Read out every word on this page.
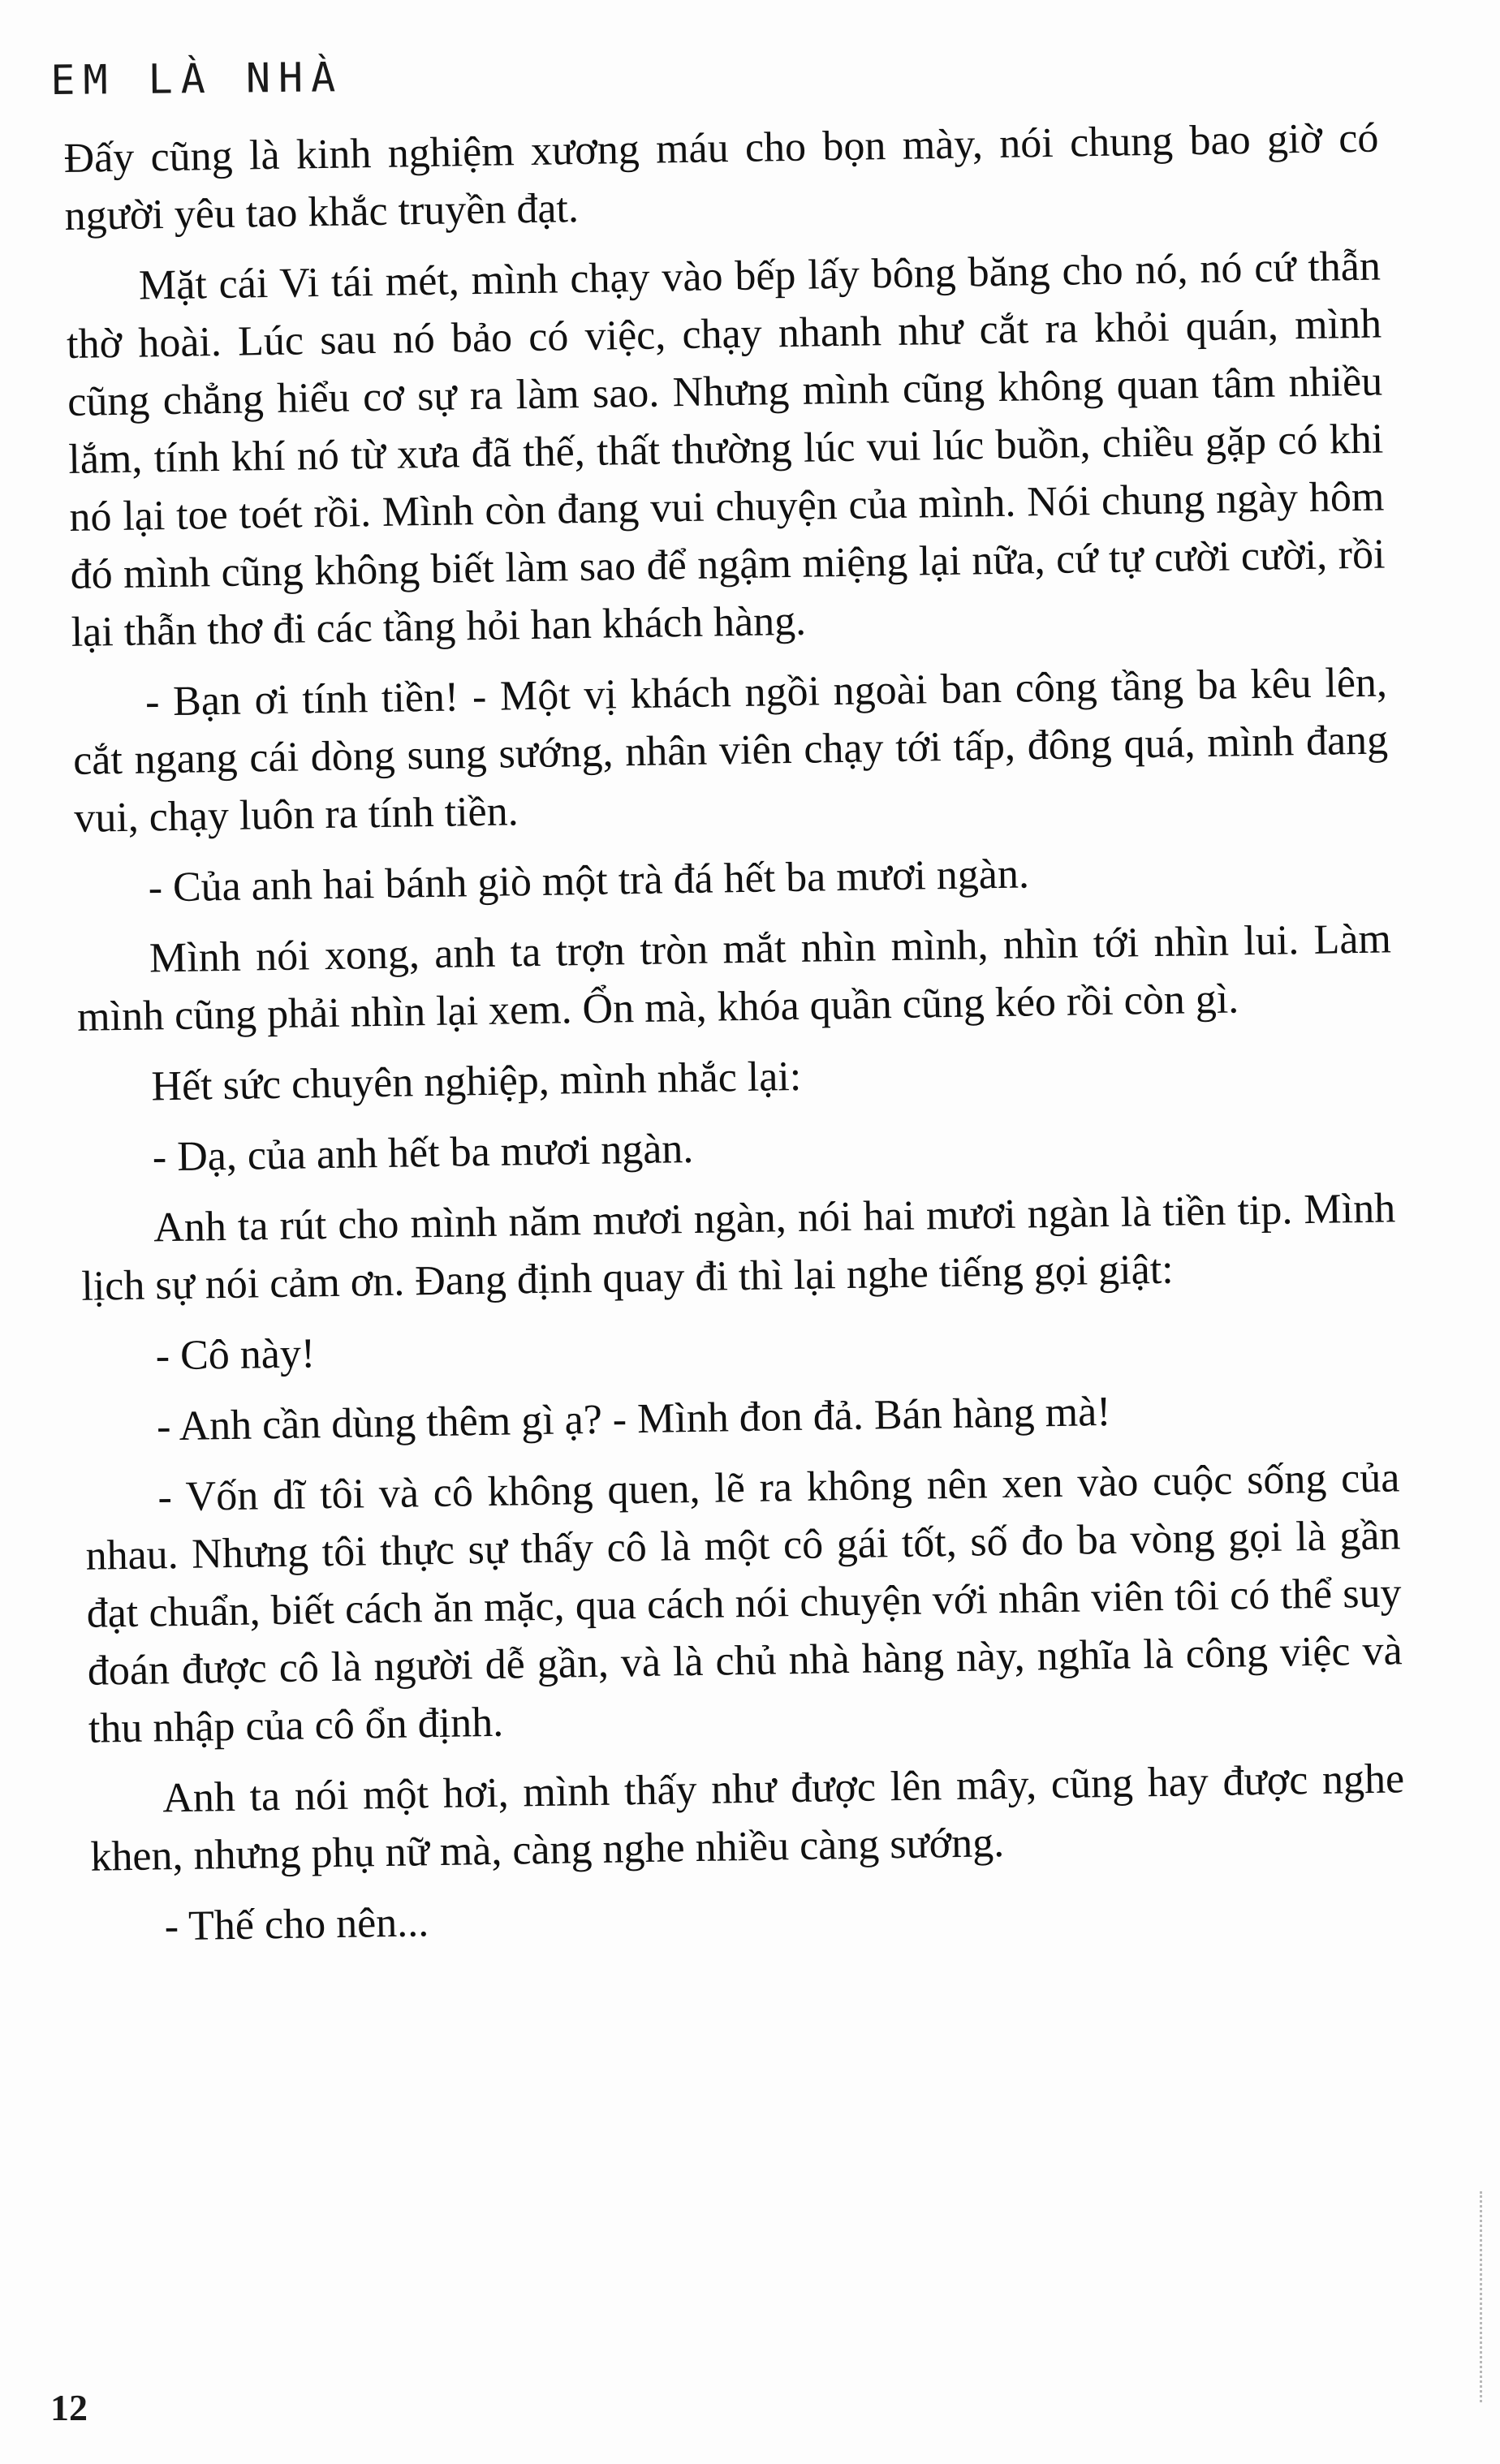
EM LÀ NHÀ

Đấy cũng là kinh nghiệm xương máu cho bọn mày, nói chung bao giờ có người yêu tao khắc truyền đạt.

Mặt cái Vi tái mét, mình chạy vào bếp lấy bông băng cho nó, nó cứ thẫn thờ hoài. Lúc sau nó bảo có việc, chạy nhanh như cắt ra khỏi quán, mình cũng chẳng hiểu cơ sự ra làm sao. Nhưng mình cũng không quan tâm nhiều lắm, tính khí nó từ xưa đã thế, thất thường lúc vui lúc buồn, chiều gặp có khi nó lại toe toét rồi. Mình còn đang vui chuyện của mình. Nói chung ngày hôm đó mình cũng không biết làm sao để ngậm miệng lại nữa, cứ tự cười cười, rồi lại thẫn thơ đi các tầng hỏi han khách hàng.

- Bạn ơi tính tiền! - Một vị khách ngồi ngoài ban công tầng ba kêu lên, cắt ngang cái dòng sung sướng, nhân viên chạy tới tấp, đông quá, mình đang vui, chạy luôn ra tính tiền.

- Của anh hai bánh giò một trà đá hết ba mươi ngàn.

Mình nói xong, anh ta trợn tròn mắt nhìn mình, nhìn tới nhìn lui. Làm mình cũng phải nhìn lại xem. Ổn mà, khóa quần cũng kéo rồi còn gì.

Hết sức chuyên nghiệp, mình nhắc lại:

- Dạ, của anh hết ba mươi ngàn.

Anh ta rút cho mình năm mươi ngàn, nói hai mươi ngàn là tiền tip. Mình lịch sự nói cảm ơn. Đang định quay đi thì lại nghe tiếng gọi giật:

- Cô này!

- Anh cần dùng thêm gì ạ? - Mình đon đả. Bán hàng mà!

- Vốn dĩ tôi và cô không quen, lẽ ra không nên xen vào cuộc sống của nhau. Nhưng tôi thực sự thấy cô là một cô gái tốt, số đo ba vòng gọi là gần đạt chuẩn, biết cách ăn mặc, qua cách nói chuyện với nhân viên tôi có thể suy đoán được cô là người dễ gần, và là chủ nhà hàng này, nghĩa là công việc và thu nhập của cô ổn định.

Anh ta nói một hơi, mình thấy như được lên mây, cũng hay được nghe khen, nhưng phụ nữ mà, càng nghe nhiều càng sướng.

- Thế cho nên...

12
